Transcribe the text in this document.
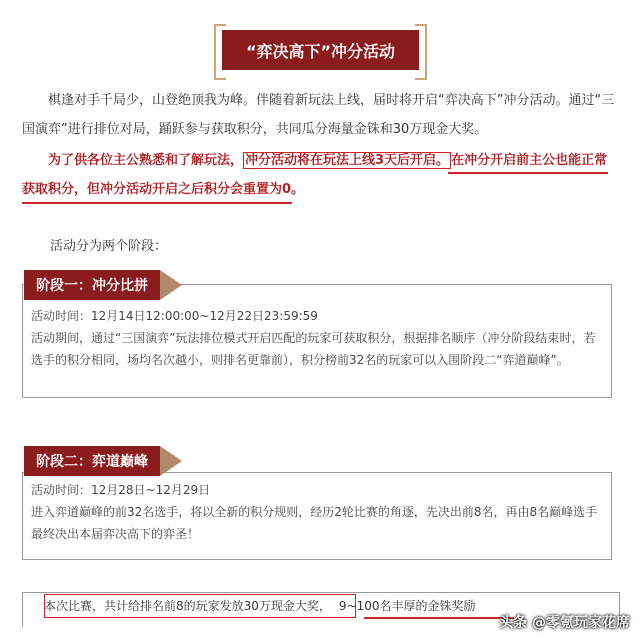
“弈决高下”冲分活动

棋逢对手千局少，山登绝顶我为峰。伴随着新玩法上线，届时将开启“弈决高下”冲分活动。通过“三国演弈”进行排位对局，踊跃参与获取积分，共同瓜分海量金铢和30万现金大奖。

为了供各位主公熟悉和了解玩法， 冲分活动将在玩法上线3天后开启。 在冲分开启前主公也能正常获取积分，但冲分活动开启之后积分会重置为0。

活动分为两个阶段：

活动时间：12月14日12:00:00~12月22日23:59:59
活动期间，通过“三国演弈”玩法排位模式开启匹配的玩家可获取积分，根据排名顺序（冲分阶段结束时，若选手的积分相同，场均名次越小，则排名更靠前），积分榜前32名的玩家可以入围阶段二“弈道巅峰”。
阶段一：冲分比拼
活动时间：12月28日~12月29日
进入弈道巅峰的前32名选手，将以全新的积分规则，经历2轮比赛的角逐，先决出前8名，再由8名巅峰选手最终决出本届弈决高下的弈圣！
阶段二：弈道巅峰
本次比赛，共计给排名前8的玩家发放30万现金大奖， 9~100名丰厚的金铢奖励
头条 @零氪玩家花席
